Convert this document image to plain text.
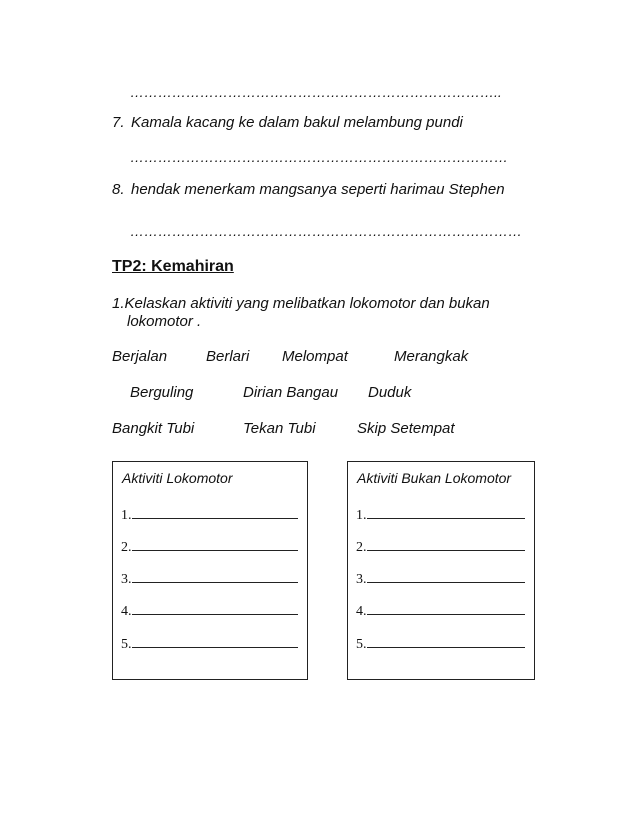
……………………………………………………………………..
7. Kamala kacang ke dalam bakul melambung pundi
………………………………………………………………………
8. hendak menerkam mangsanya seperti harimau Stephen
…………………………………………………………………………
TP2: Kemahiran
1.Kelaskan aktiviti yang melibatkan lokomotor dan bukan
lokomotor .
Berjalan	Berlari Melompat	Merangkak
Berguling	Dirian Bangau Duduk
Bangkit Tubi	Tekan Tubi	Skip Setempat
Aktiviti Lokomotor
1.
2.
3.
4.
5.
Aktiviti Bukan Lokomotor
1.
2.
3.
4.
5.
